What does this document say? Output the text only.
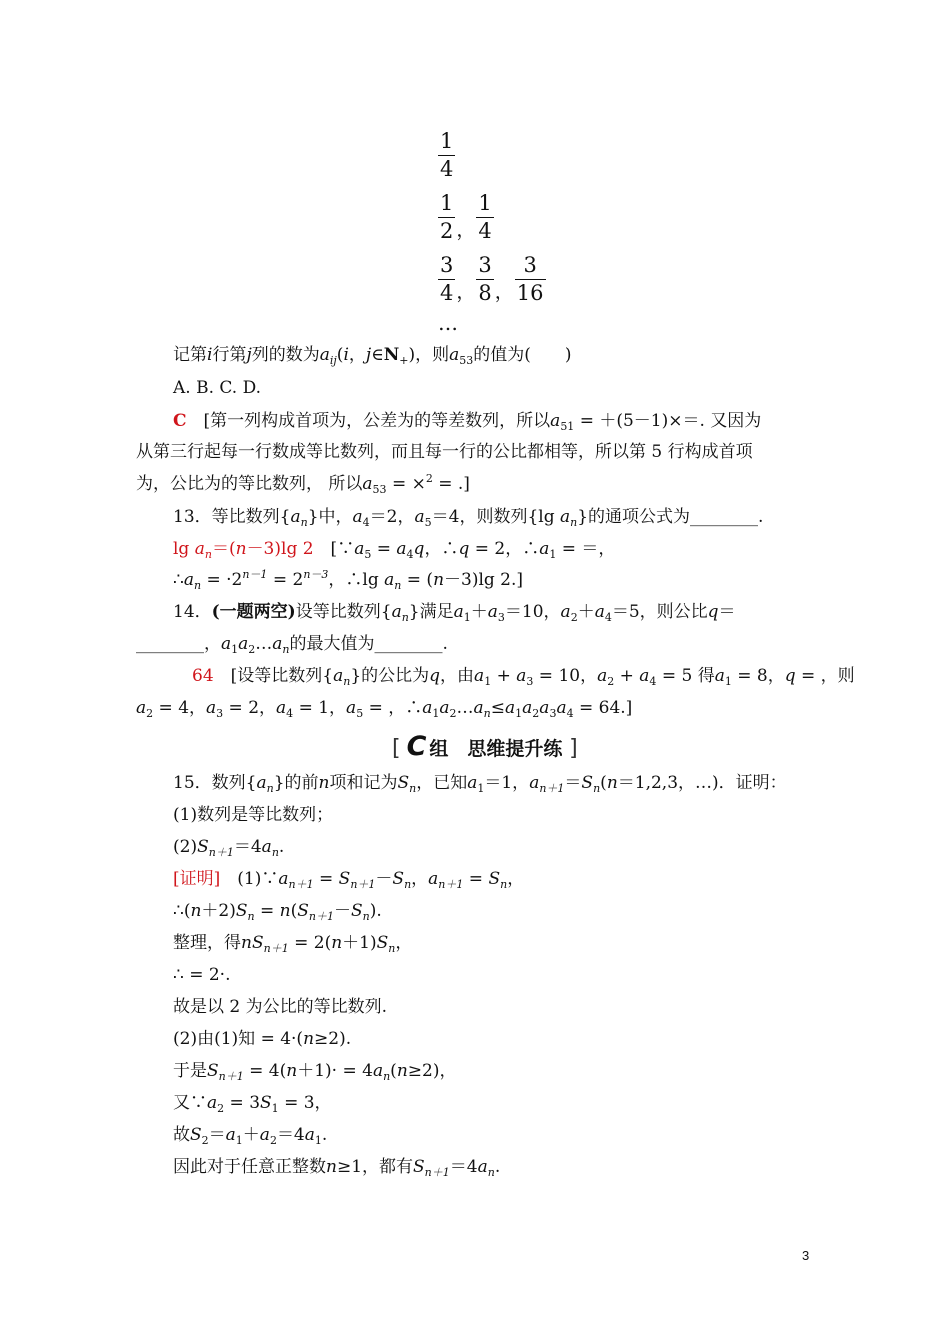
$\frac{1}{4}$
$\frac{1}{2}$ ， $\frac{1}{4}$
$\frac{3}{4}$ ， $\frac{3}{8}$ ， $\frac{3}{16}$
…
记第i行第j列的数为$a_{ij}(i$，$j\in N_+$)，则$a_{53}$的值为(　　)
A. B. C. D.
C　 [第一列构成首项为，公差为的等差数列，所以$a_{51} = +(5-1)\times=$. 又因为
从第三行起每一行数成等比数列，而且每一行的公比都相等，所以第 5 行构成首项
为，公比为的等比数列， 所以$a_{53} = \times^2$ = .]
13．等比数列$\{a_n\}$中，$a_4=2$，$a_5=4$，则数列{lg $a_n$}的通项公式为________.
$\lg a_n=(n-3)\lg$ 2　[$\because a_5 = a_4q$，∴q = 2，$\therefore a_1$ = ＝，
$\therefore a_n = \cdot 2^{n-1} = 2^{n-3}$，∴lg $a_n = (n-3)\lg$ 2.]
14．(一题两空)设等比数列$\{a_n\}$满足$a_1+a_3=10$，$a_2+a_4=5$，则公比q＝
________，$a_1a_2\dots a_n$的最大值为________.
64　[设等比数列$\{a_n\}$的公比为q，由$a_1 + a_3 = 10$，$a_2 + a_4 = 5$ 得$a_1 = 8$，q = ，则
$a_2 = 4$，$a_3 = 2$，$a_4 = 1$，$a_5$ = ，$\therefore a_1a_2\dots a_n\le a_1a_2a_3a_4 = 64$.]
[ C 组　思维提升练 ]
15．数列$\{a_n\}$的前n项和记为$S_n$，已知$a_1=1$，$a_{n+1}=S_n(n=1,2,3$，…)．证明：
(1)数列是等比数列；
$(2)S_{n+1}=4a_n$.
[证明]　$(1)\because a_{n+1} = S_{n+1}-S_n$，$a_{n+1} = S_n$，
$\therefore(n+2)S_n = n(S_{n+1}-S_n)$.
整理，得$nS_{n+1} = 2(n+1)S_n$，
∴ = 2·.
故是以 2 为公比的等比数列.
(2)由(1)知 = 4·(n≥2).
于是$S_{n+1} = 4(n+1)\cdot = 4a_n(n\ge 2)$，
又$\because a_2 = 3S_1 = 3$，
故$S_2=a_1+a_2=4a_1$.
因此对于任意正整数n≥1，都有$S_{n+1}=4a_n$.
3
